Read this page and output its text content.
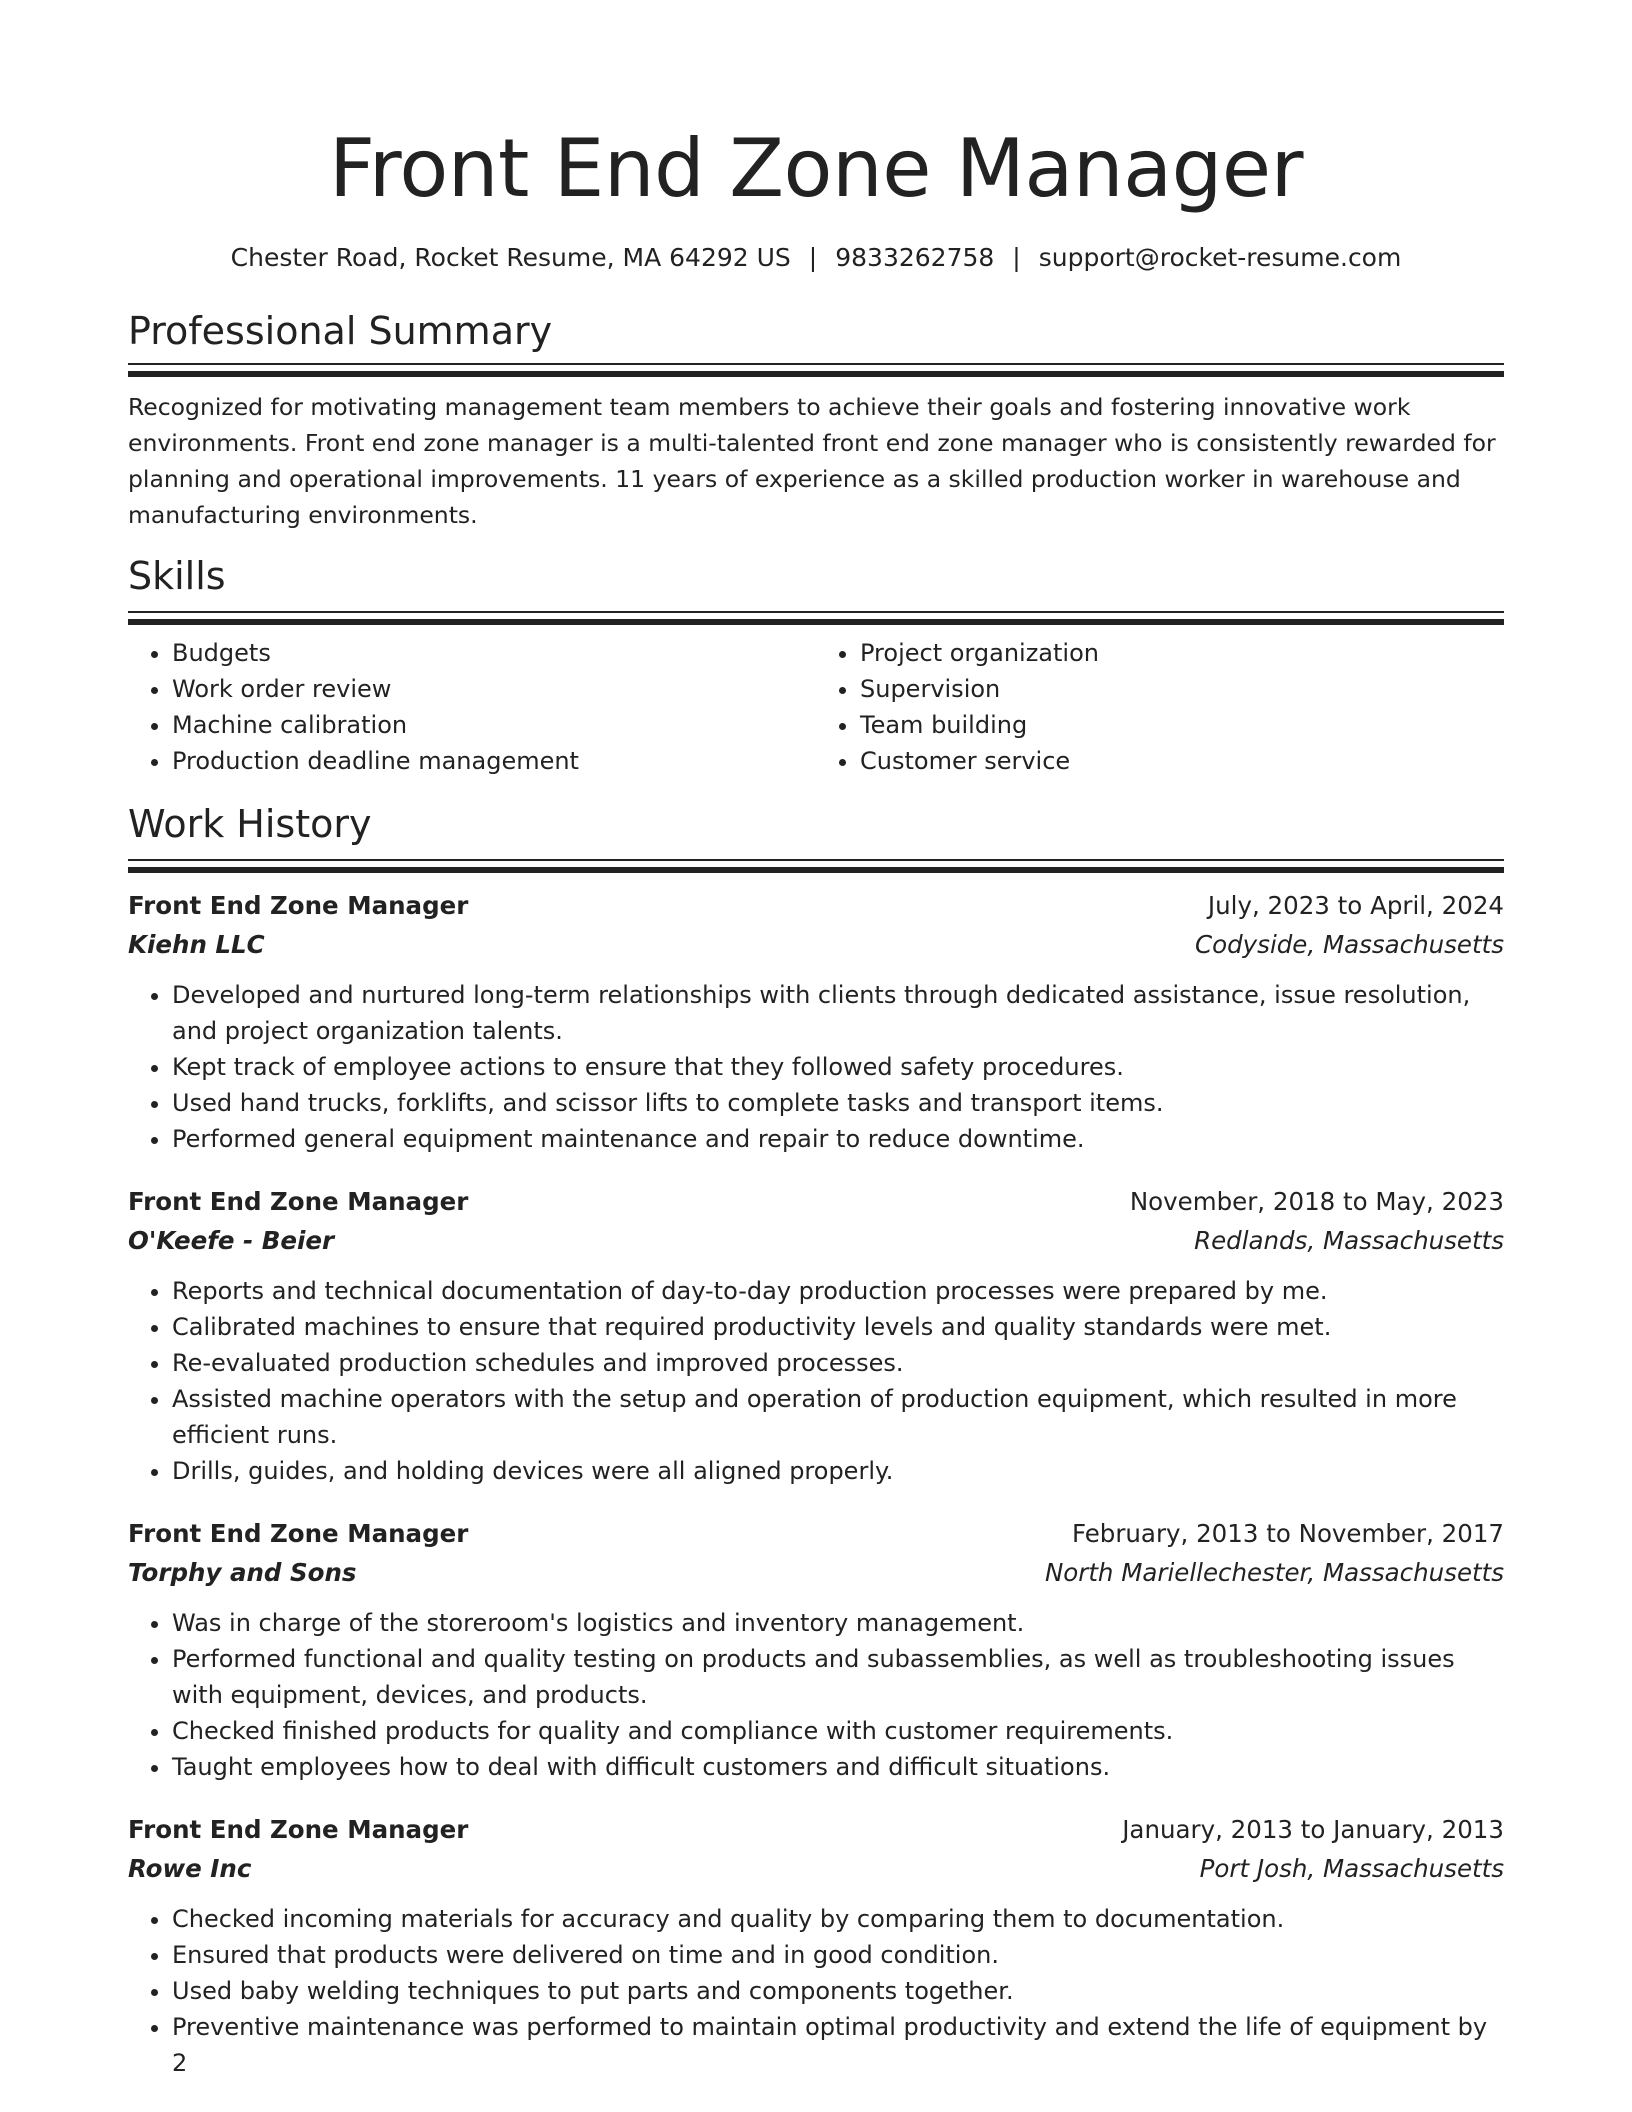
Front End Zone Manager
Chester Road, Rocket Resume, MA 64292 US | 9833262758 | support@rocket-resume.com
Professional Summary

Recognized for motivating management team members to achieve their goals and fostering innovative work environments. Front end zone manager is a multi-talented front end zone manager who is consistently rewarded for planning and operational improvements. 11 years of experience as a skilled production worker in warehouse and manufacturing environments.

Skills
• Budgets
• Work order review
• Machine calibration
• Production deadline management
• Project organization
• Supervision
• Team building
• Customer service
Work History
Front End Zone Manager	July, 2023 to April, 2024
Kiehn LLC	Codyside, Massachusetts
• Developed and nurtured long-term relationships with clients through dedicated assistance, issue resolution, and project organization talents.
• Kept track of employee actions to ensure that they followed safety procedures.
• Used hand trucks, forklifts, and scissor lifts to complete tasks and transport items.
• Performed general equipment maintenance and repair to reduce downtime.
Front End Zone Manager	November, 2018 to May, 2023
O'Keefe - Beier	Redlands, Massachusetts
• Reports and technical documentation of day-to-day production processes were prepared by me.
• Calibrated machines to ensure that required productivity levels and quality standards were met.
• Re-evaluated production schedules and improved processes.
• Assisted machine operators with the setup and operation of production equipment, which resulted in more efficient runs.
• Drills, guides, and holding devices were all aligned properly.
Front End Zone Manager	February, 2013 to November, 2017
Torphy and Sons	North Mariellechester, Massachusetts
• Was in charge of the storeroom's logistics and inventory management.
• Performed functional and quality testing on products and subassemblies, as well as troubleshooting issues with equipment, devices, and products.
• Checked finished products for quality and compliance with customer requirements.
• Taught employees how to deal with difficult customers and difficult situations.
Front End Zone Manager	January, 2013 to January, 2013
Rowe Inc	Port Josh, Massachusetts
• Checked incoming materials for accuracy and quality by comparing them to documentation.
• Ensured that products were delivered on time and in good condition.
• Used baby welding techniques to put parts and components together.
• Preventive maintenance was performed to maintain optimal productivity and extend the life of equipment by 2
